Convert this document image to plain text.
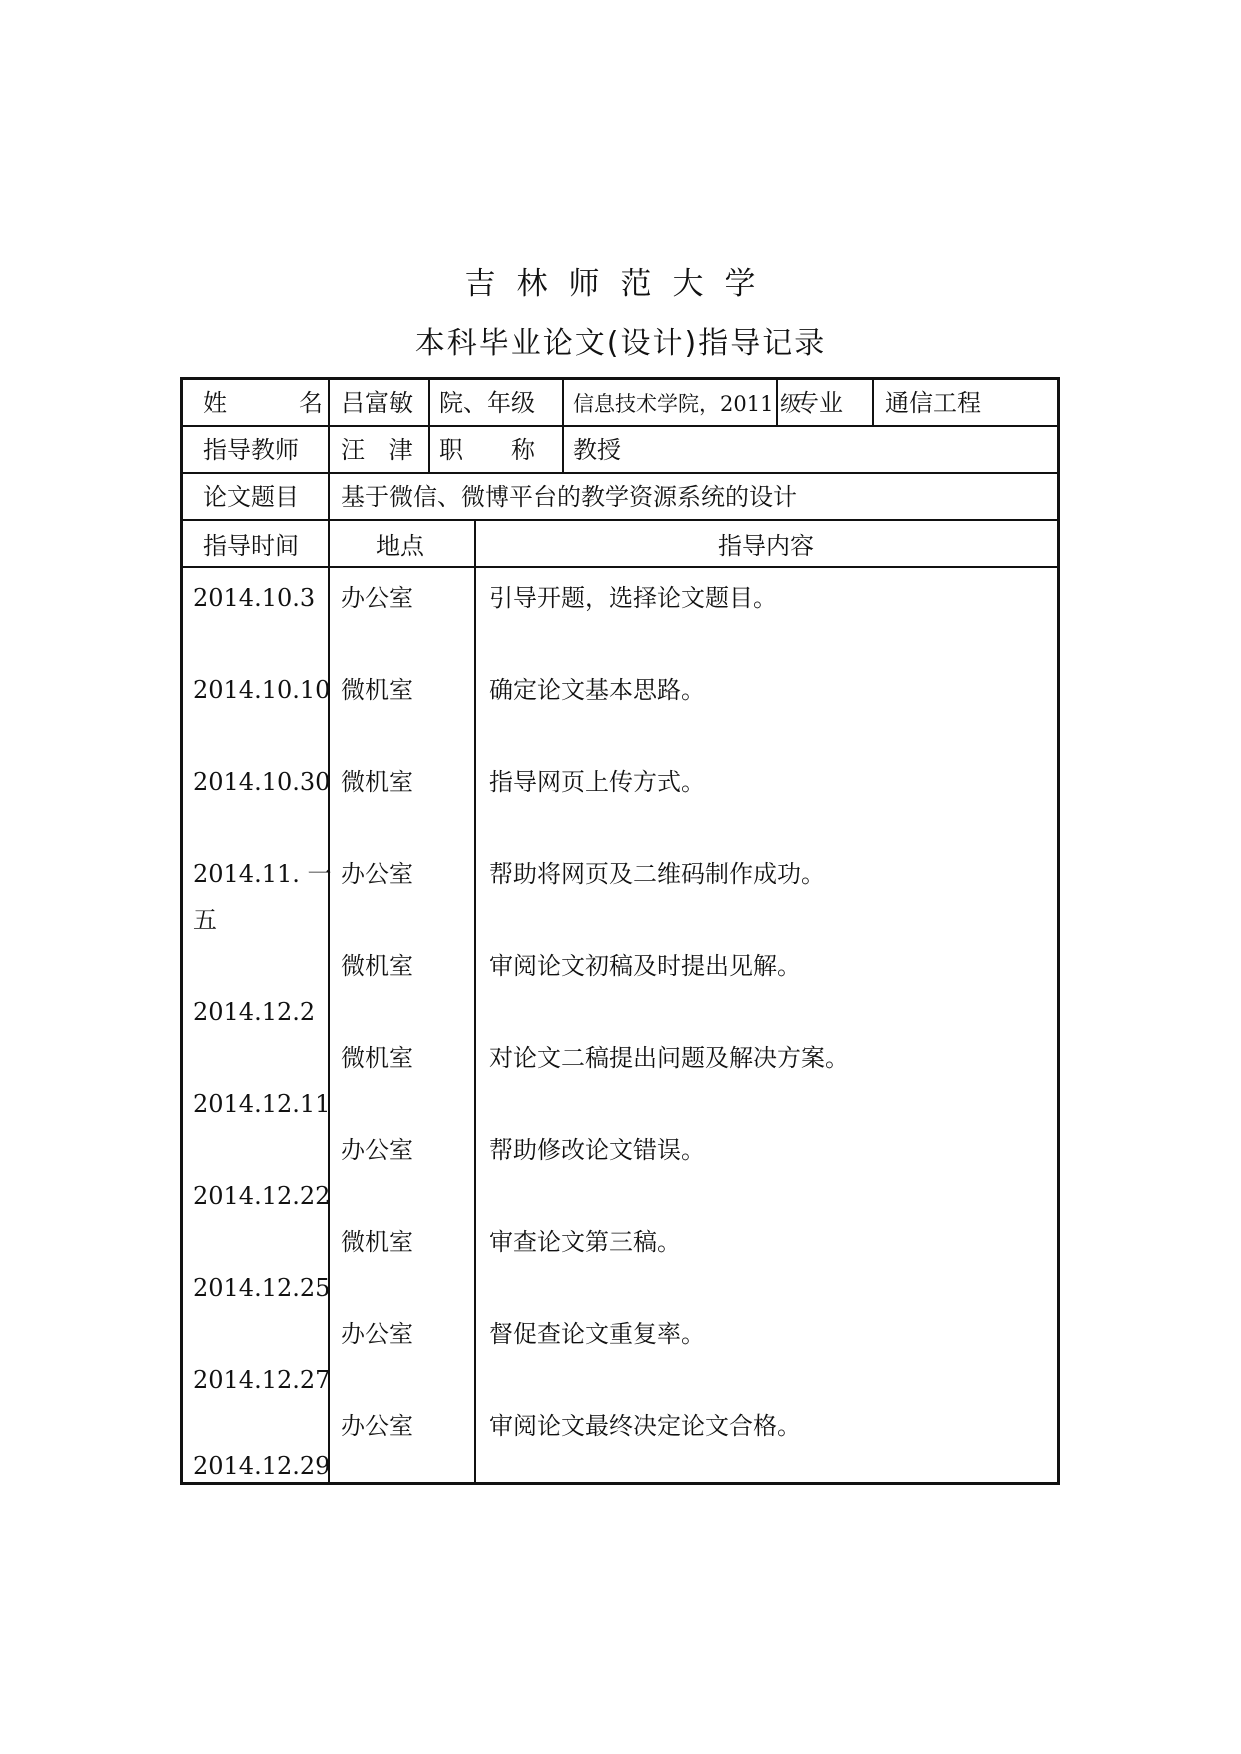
吉林师范大学
本科毕业论文(设计)指导记录
姓　　名 吕富敏 院、年级 信息技术学院，2011 级
专业 通信工程
指导教师 汪 津 职　　称 教授
论文题目 基于微信、微博平台的教学资源系统的设计
指导时间	地点	指导内容
2014.10.3
2014.10.10
2014.10.30
2014.11. 一
五
2014.12.2
2014.12.11
2014.12.22
2014.12.25
2014.12.27
2014.12.29
办公室
微机室
微机室
办公室
微机室
微机室
办公室
微机室
办公室
办公室
引导开题，选择论文题目。
确定论文基本思路。
指导网页上传方式。
帮助将网页及二维码制作成功。
审阅论文初稿及时提出见解。
对论文二稿提出问题及解决方案。
帮助修改论文错误。
审查论文第三稿。
督促查论文重复率。
审阅论文最终决定论文合格。
